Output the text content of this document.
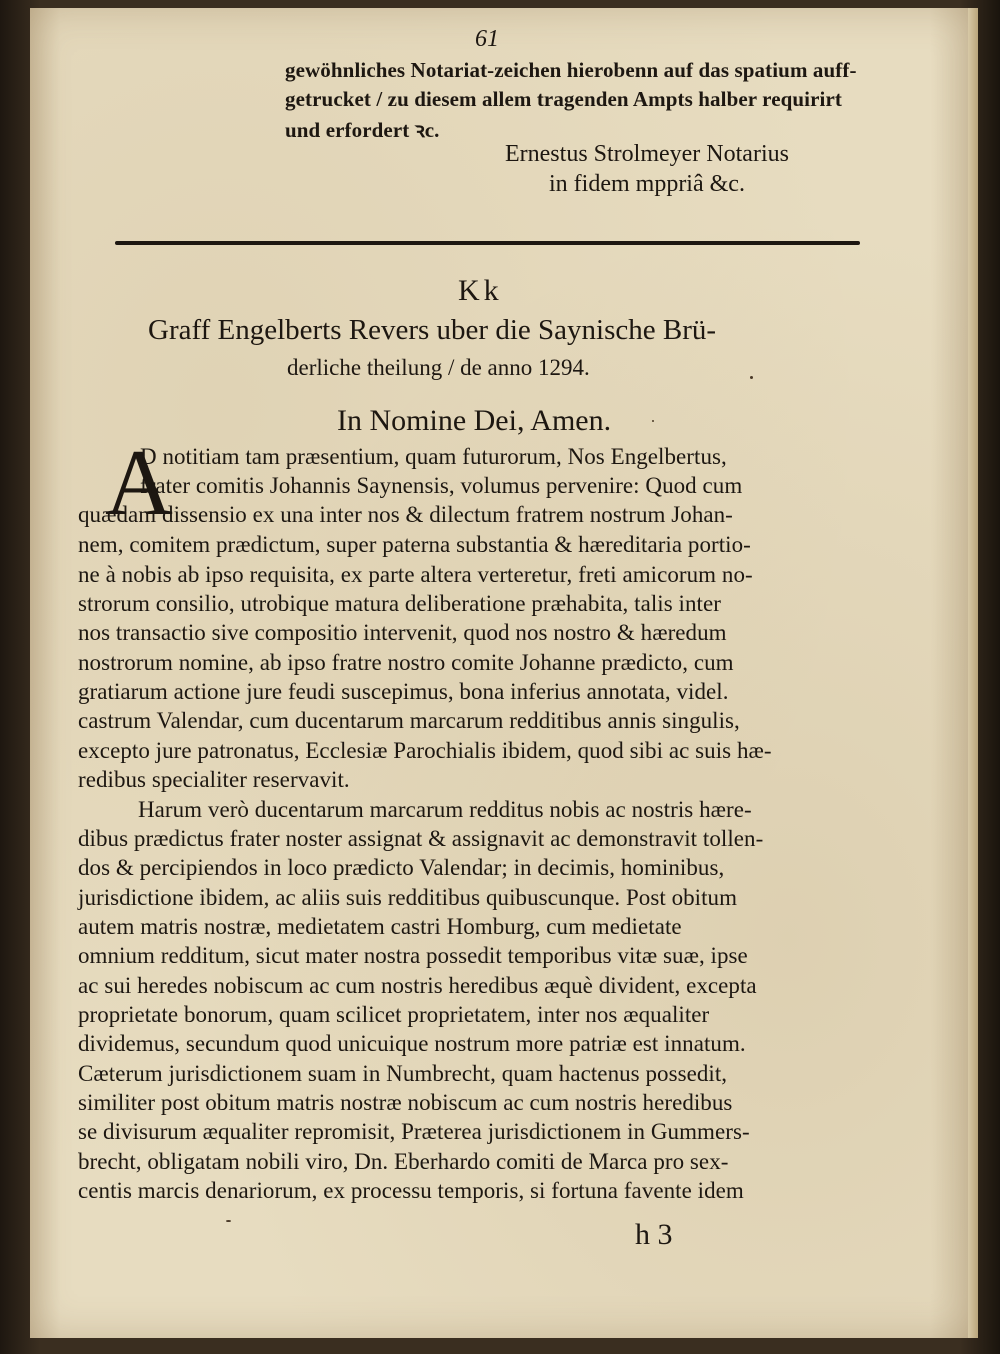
61
gewöhnliches Notariat-zeichen hierobenn auf das spatium auff-
getrucket / zu diesem allem tragenden Ampts halber requirirt
und erfordert ꝛc.
Ernestus Strolmeyer Notarius
in fidem mppriâ &c.
Kk
Graff Engelberts Revers uber die Saynische Brü-
derliche theilung / de anno 1294.
In Nomine Dei, Amen.
A
D notitiam tam præsentium, quam futurorum, Nos Engelbertus,
frater comitis Johannis Saynensis, volumus pervenire: Quod cum
quædam dissensio ex una inter nos & dilectum fratrem nostrum Johan-
nem, comitem prædictum, super paterna substantia & hæreditaria portio-
ne à nobis ab ipso requisita, ex parte altera verteretur, freti amicorum no-
strorum consilio, utrobique matura deliberatione præhabita, talis inter
nos transactio sive compositio intervenit, quod nos nostro & hæredum
nostrorum nomine, ab ipso fratre nostro comite Johanne prædicto, cum
gratiarum actione jure feudi suscepimus, bona inferius annotata, videl.
castrum Valendar, cum ducentarum marcarum redditibus annis singulis,
excepto jure patronatus, Ecclesiæ Parochialis ibidem, quod sibi ac suis hæ-
redibus specialiter reservavit.
Harum verò ducentarum marcarum redditus nobis ac nostris hære-
dibus prædictus frater noster assignat & assignavit ac demonstravit tollen-
dos & percipiendos in loco prædicto Valendar; in decimis, hominibus,
jurisdictione ibidem, ac aliis suis redditibus quibuscunque. Post obitum
autem matris nostræ, medietatem castri Homburg, cum medietate
omnium redditum, sicut mater nostra possedit temporibus vitæ suæ, ipse
ac sui heredes nobiscum ac cum nostris heredibus æquè divident, excepta
proprietate bonorum, quam scilicet proprietatem, inter nos æqualiter
dividemus, secundum quod unicuique nostrum more patriæ est innatum.
Cæterum jurisdictionem suam in Numbrecht, quam hactenus possedit,
similiter post obitum matris nostræ nobiscum ac cum nostris heredibus
se divisurum æqualiter repromisit, Præterea jurisdictionem in Gummers-
brecht, obligatam nobili viro, Dn. Eberhardo comiti de Marca pro sex-
centis marcis denariorum, ex processu temporis, si fortuna favente idem
h 3
